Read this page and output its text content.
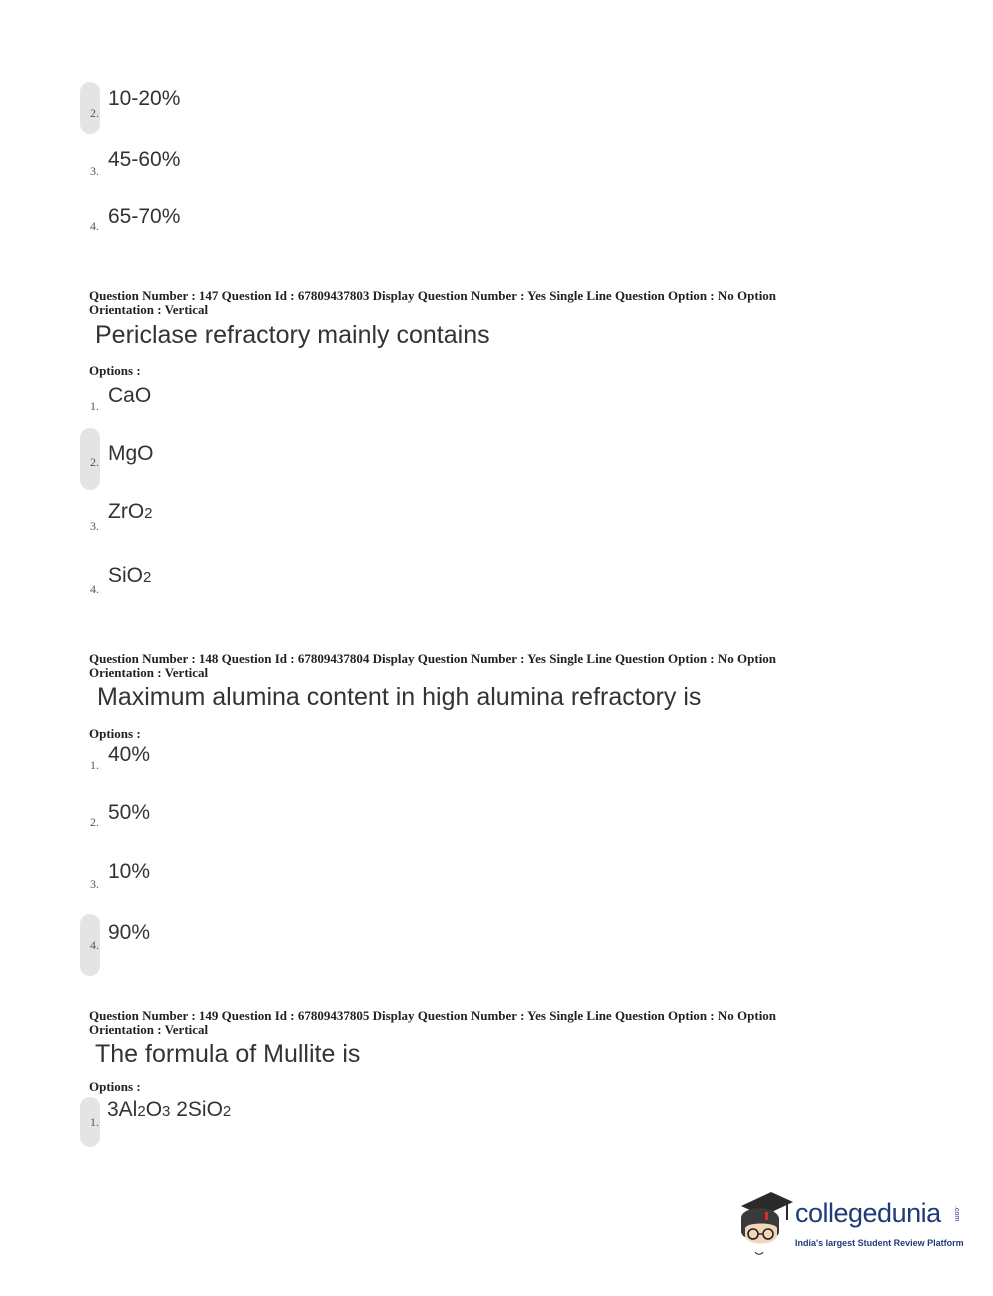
2.
10-20%
3. 45-60%
4. 65-70%
Question Number : 147 Question Id : 67809437803 Display Question Number : Yes Single Line Question Option : No Option
Orientation : Vertical
Periclase refractory mainly contains
Options :
1. CaO
2. MgO
3.
ZrO2
4.
SiO2
Question Number : 148 Question Id : 67809437804 Display Question Number : Yes Single Line Question Option : No Option
Orientation : Vertical
Maximum alumina content in high alumina refractory is
Options :
1. 40%
2. 50%
3.
10%
4.
90%
Question Number : 149 Question Id : 67809437805 Display Question Number : Yes Single Line Question Option : No Option
Orientation : Vertical
The formula of Mullite is
Options :
1.
3Al2O3 2SiO2
collegedunia .com
India's largest Student Review Platform
